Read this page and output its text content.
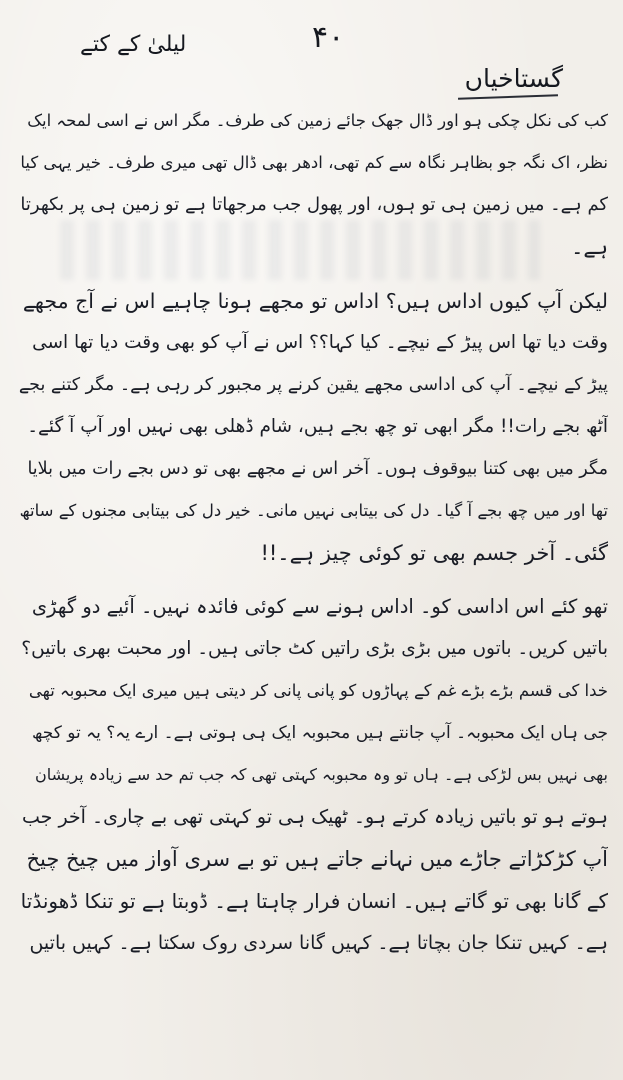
۴۰
لیلیٰ کے کتے
گستاخیاں
کب کی نکل چکی ہو اور ڈال جھک جائے زمین کی طرف۔ مگر اس نے اسی لمحہ ایک
نظر، اک نگہ جو بظاہر نگاہ سے کم تھی، ادھر بھی ڈال تھی میری طرف۔ خیر یہی کیا
کم ہے۔ میں زمین ہی تو ہوں، اور پھول جب مرجھاتا ہے تو زمین ہی پر بکھرتا
ہے۔
لیکن آپ کیوں اداس ہیں؟ اداس تو مجھے ہونا چاہیے اس نے آج مجھے
وقت دیا تھا اس پیڑ کے نیچے۔ کیا کہا؟؟ اس نے آپ کو بھی وقت دیا تھا اسی
پیڑ کے نیچے۔ آپ کی اداسی مجھے یقین کرنے پر مجبور کر رہی ہے۔ مگر کتنے بجے
آٹھ بجے رات!! مگر ابھی تو چھ بجے ہیں، شام ڈھلی بھی نہیں اور آپ آ گئے۔
مگر میں بھی کتنا بیوقوف ہوں۔ آخر اس نے مجھے بھی تو دس بجے رات میں بلایا
تھا اور میں چھ بجے آ گیا۔ دل کی بیتابی نہیں مانی۔ خیر دل کی بیتابی مجنوں کے ساتھ
گئی۔ آخر جسم بھی تو کوئی چیز ہے۔!!
تھو کئے اس اداسی کو۔ اداس ہونے سے کوئی فائدہ نہیں۔ آئیے دو گھڑی
باتیں کریں۔ باتوں میں بڑی بڑی راتیں کٹ جاتی ہیں۔ اور محبت بھری باتیں؟
خدا کی قسم بڑے بڑے غم کے پہاڑوں کو پانی پانی کر دیتی ہیں میری ایک محبوبہ تھی
جی ہاں ایک محبوبہ۔ آپ جانتے ہیں محبوبہ ایک ہی ہوتی ہے۔ ارے یہ؟ یہ تو کچھ
بھی نہیں بس لڑکی ہے۔ ہاں تو وہ محبوبہ کہتی تھی کہ جب تم حد سے زیادہ پریشان
ہوتے ہو تو باتیں زیادہ کرتے ہو۔ ٹھیک ہی تو کہتی تھی بے چاری۔ آخر جب
آپ کڑکڑاتے جاڑے میں نہانے جاتے ہیں تو بے سری آواز میں چیخ چیخ
کے گانا بھی تو گاتے ہیں۔ انسان فرار چاہتا ہے۔ ڈوبتا ہے تو تنکا ڈھونڈتا
ہے۔ کہیں تنکا جان بچاتا ہے۔ کہیں گانا سردی روک سکتا ہے۔ کہیں باتیں
